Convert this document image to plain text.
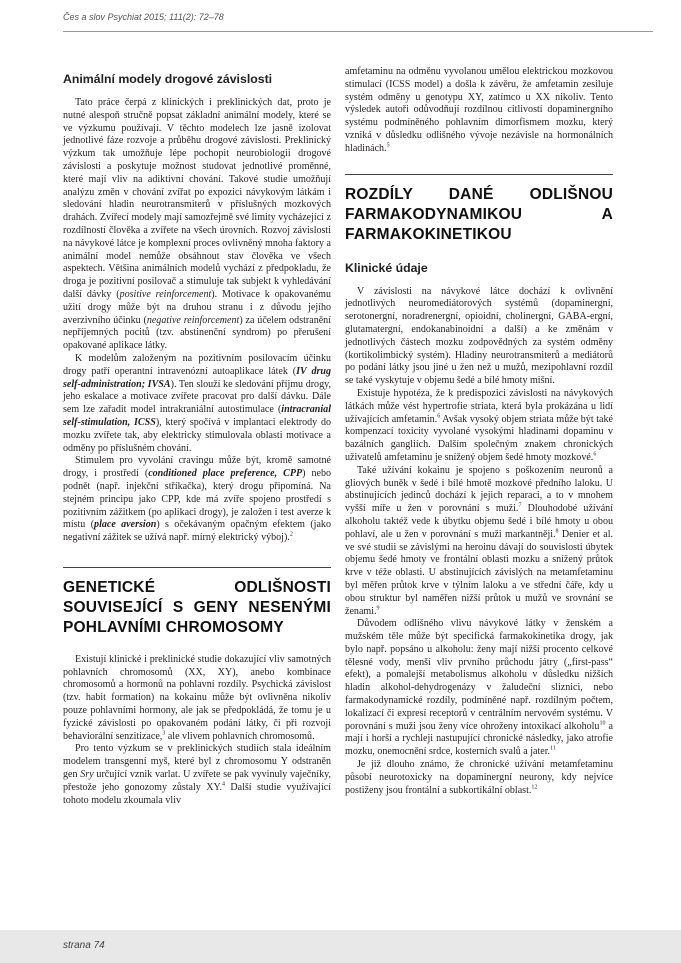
Čes a slov Psychiat 2015; 111(2): 72–78
Animální modely drogové závislosti

Tato práce čerpá z klinických i preklinických dat, proto je nutné alespoň stručně popsat základní animální modely, které se ve výzkumu používají. V těchto modelech lze jasně izolovat jednotlivé fáze rozvoje a průběhu drogové závislosti. Preklinický výzkum tak umožňuje lépe pochopit neurobiologii drogové závislosti a poskytuje možnost studovat jednotlivé proměnné, které mají vliv na adiktivní chování. Takové studie umožňují analýzu změn v chování zvířat po expozici návykovým látkám i sledování hladin neurotransmiterů v příslušných mozkových drahách. Zvířecí modely mají samozřejmě své limity vycházející z rozdílností člověka a zvířete na všech úrovních. Rozvoj závislosti na návykové látce je komplexní proces ovlivněný mnoha faktory a animální model nemůže obsáhnout stav člověka ve všech aspektech. Většina animálních modelů vychází z předpokladu, že droga je pozitivní posilovač a stimuluje tak subjekt k vyhledávání další dávky (positive reinforcement). Motivace k opakovanému užití drogy může být na druhou stranu i z důvodu jejího averzivního účinku (negative reinforcement) za účelem odstranění nepříjemných pocitů (tzv. abstinenční syndrom) po přerušení opakované aplikace látky.

K modelům založeným na pozitivním posilovacím účinku drogy patří operantní intravenózní autoaplikace látek (IV drug self-administration; IVSA). Ten slouží ke sledování příjmu drogy, jeho eskalace a motivace zvířete pracovat pro další dávku. Dále sem lze zařadit model intrakraniální autostimulace (intracranial self-stimulation, ICSS), který spočívá v implantaci elektrody do mozku zvířete tak, aby elektricky stimulovala oblasti motivace a odměny po příslušném chování.

Stimulem pro vyvolání cravingu může být, kromě samotné drogy, i prostředí (conditioned place preference, CPP) nebo podnět (např. injekční stříkačka), který drogu připomíná. Na stejném principu jako CPP, kde má zvíře spojeno prostředí s pozitivním zážitkem (po aplikaci drogy), je založen i test averze k místu (place aversion) s očekávaným opačným efektem (jako negativní zážitek se užívá např. mírný elektrický výboj).$^2$

GENETICKÉ ODLIŠNOSTI SOUVISEJÍCÍ S GENY NESENÝMI POHLAVNÍMI CHROMOSOMY

Existují klinické i preklinické studie dokazující vliv samotných pohlavních chromosomů (XX, XY), anebo kombinace chromosomů a hormonů na pohlavní rozdíly. Psychická závislost (tzv. habit formation) na kokainu může být ovlivněna nikoliv pouze pohlavními hormony, ale jak se předpokládá, že tomu je u fyzické závislosti po opakovaném podání látky, či při rozvoji behaviorální senzitizace,$^3$ ale vlivem pohlavních chromosomů.

Pro tento výzkum se v preklinických studiích stala ideálním modelem transgenní myš, které byl z chromosomu Y odstraněn gen Sry určující vznik varlat. U zvířete se pak vyvinuly vaječníky, přestože jeho gonozomy zůstaly XY.$^4$ Další studie využívající tohoto modelu zkoumala vliv

amfetaminu na odměnu vyvolanou umělou elektrickou mozkovou stimulací (ICSS model) a došla k závěru, že amfetamin zesiluje systém odměny u genotypu XY, zatímco u XX nikoliv. Tento výsledek autoři odůvodňují rozdílnou citlivostí dopaminergního systému podmíněného pohlavním dimorfismem mozku, který vzniká v důsledku odlišného vývoje nezávisle na hormonálních hladinách.$^5$

ROZDÍLY DANÉ ODLIŠNOU FARMAKODYNAMIKOU A FARMAKOKINETIKOU
Klinické údaje

V závislosti na návykové látce dochází k ovlivnění jednotlivých neuromediátorových systémů (dopaminergní, serotonergní, noradrenergní, opioidní, cholinergní, GABA-ergní, glutamatergní, endokanabinoidní a další) a ke změnám v jednotlivých částech mozku zodpovědných za systém odměny (kortikolimbický systém). Hladiny neurotransmiterů a mediátorů po podání látky jsou jiné u žen než u mužů, mezipohlavní rozdíl se také vyskytuje v objemu šedé a bílé hmoty mišní.

Existuje hypotéza, že k predispozici závislosti na návykových látkách může vést hypertrofie striata, která byla prokázána u lidí užívajících amfetamin.$^6$ Avšak vysoký objem striata může být také kompenzací toxicity vyvolané vysokými hladinami dopaminu v bazálních gangliích. Dalším společným znakem chronických uživatelů amfetaminu je snížený objem šedé hmoty mozkové.$^6$

Také užívání kokainu je spojeno s poškozením neuronů a gliových buněk v šedé i bílé hmotě mozkové předního laloku. U abstinujících jedinců dochází k jejich reparaci, a to v mnohem vyšší míře u žen v porovnání s muži.$^7$ Dlouhodobé užívání alkoholu taktéž vede k úbytku objemu šedé i bílé hmoty u obou pohlaví, ale u žen v porovnání s muži markantněji.$^8$ Denier et al. ve své studii se závislými na heroinu dávají do souvislosti úbytek objemu šedé hmoty ve frontální oblasti mozku a snížený průtok krve v téže oblasti. U abstinujících závislých na metamfetaminu byl měřen průtok krve v týlním laloku a ve střední čáře, kdy u obou struktur byl naměřen nižší průtok u mužů ve srovnání se ženami.$^9$

Důvodem odlišného vlivu návykové látky v ženském a mužském těle může být specifická farmakokinetika drogy, jak bylo např. popsáno u alkoholu: ženy mají nižší procento celkové tělesné vody, menší vliv prvního průchodu játry („first-pass“ efekt), a pomalejší metabolismus alkoholu v důsledku nižších hladin alkohol-dehydrogenázy v žaludeční sliznici, nebo farmakodynamické rozdíly, podmíněné např. rozdílným počtem, lokalizací či expresí receptorů v centrálním nervovém systému. V porovnání s muži jsou ženy více ohroženy intoxikací alkoholu$^{10}$ a mají i horší a rychleji nastupující chronické následky, jako atrofie mozku, onemocnění srdce, kosterních svalů a jater.$^{11}$

Je již dlouho známo, že chronické užívání metamfetaminu působí neurotoxicky na dopaminergní neurony, kdy nejvíce postiženy jsou frontální a subkortikální oblast.$^{12}$

strana 74
